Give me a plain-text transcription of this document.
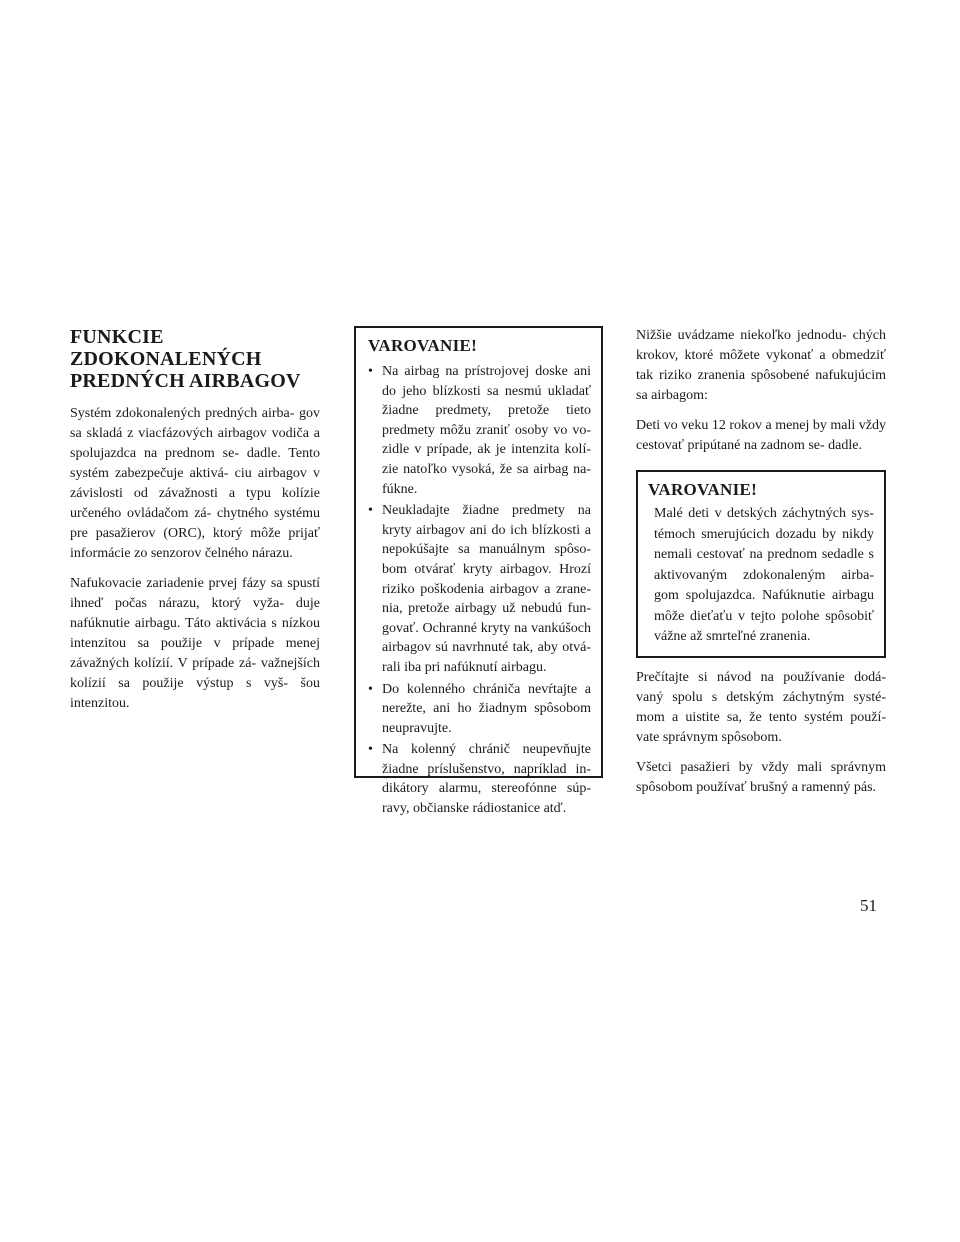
FUNKCIE
ZDOKONALENÝCH
PREDNÝCH AIRBAGOV

Systém zdokonalených predných airba- gov sa skladá z viacfázových airbagov vodiča a spolujazdca na prednom se- dadle. Tento systém zabezpečuje aktivá- ciu airbagov v závislosti od závažnosti a typu kolízie určeného ovládačom zá- chytného systému pre pasažierov (ORC), ktorý môže prijať informácie zo senzorov čelného nárazu.

Nafukovacie zariadenie prvej fázy sa spustí ihneď počas nárazu, ktorý vyža- duje nafúknutie airbagu. Táto aktivácia s nízkou intenzitou sa použije v prípade menej závažných kolízií. V prípade zá- važnejších kolízií sa použije výstup s vyš- šou intenzitou.

VAROVANIE!
• Na airbag na prístrojovej doske ani do jeho blízkosti sa nesmú ukladať žiadne predmety, pretože tieto predmety môžu zraniť osoby vo vo- zidle v prípade, ak je intenzita kolí- zie natoľko vysoká, že sa airbag na- fúkne.
• Neukladajte žiadne predmety na kryty airbagov ani do ich blízkosti a nepokúšajte sa manuálnym spôso- bom otvárať kryty airbagov. Hrozí riziko poškodenia airbagov a zrane- nia, pretože airbagy už nebudú fun- govať. Ochranné kryty na vankúšoch airbagov sú navrhnuté tak, aby otvá- rali iba pri nafúknutí airbagu.
• Do kolenného chrániča nevŕtajte a nerežte, ani ho žiadnym spôsobom neupravujte.
• Na kolenný chránič neupevňujte žiadne príslušenstvo, napríklad in- dikátory alarmu, stereofónne súp- ravy, občianske rádiostanice atď.

Nižšie uvádzame niekoľko jednodu- chých krokov, ktoré môžete vykonať a obmedziť tak riziko zranenia spôsobené nafukujúcim sa airbagom:

Deti vo veku 12 rokov a menej by mali vždy cestovať pripútané na zadnom se- dadle.

VAROVANIE!

Malé deti v detských záchytných sys- témoch smerujúcich dozadu by nikdy nemali cestovať na prednom sedadle s aktivovaným zdokonaleným airba- gom spolujazdca. Nafúknutie airbagu môže dieťaťu v tejto polohe spôsobiť vážne až smrteľné zranenia.

Prečítajte si návod na používanie dodá- vaný spolu s detským záchytným systé- mom a uistite sa, že tento systém použí- vate správnym spôsobom.

Všetci pasažieri by vždy mali správnym spôsobom používať brušný a ramenný pás.

51
